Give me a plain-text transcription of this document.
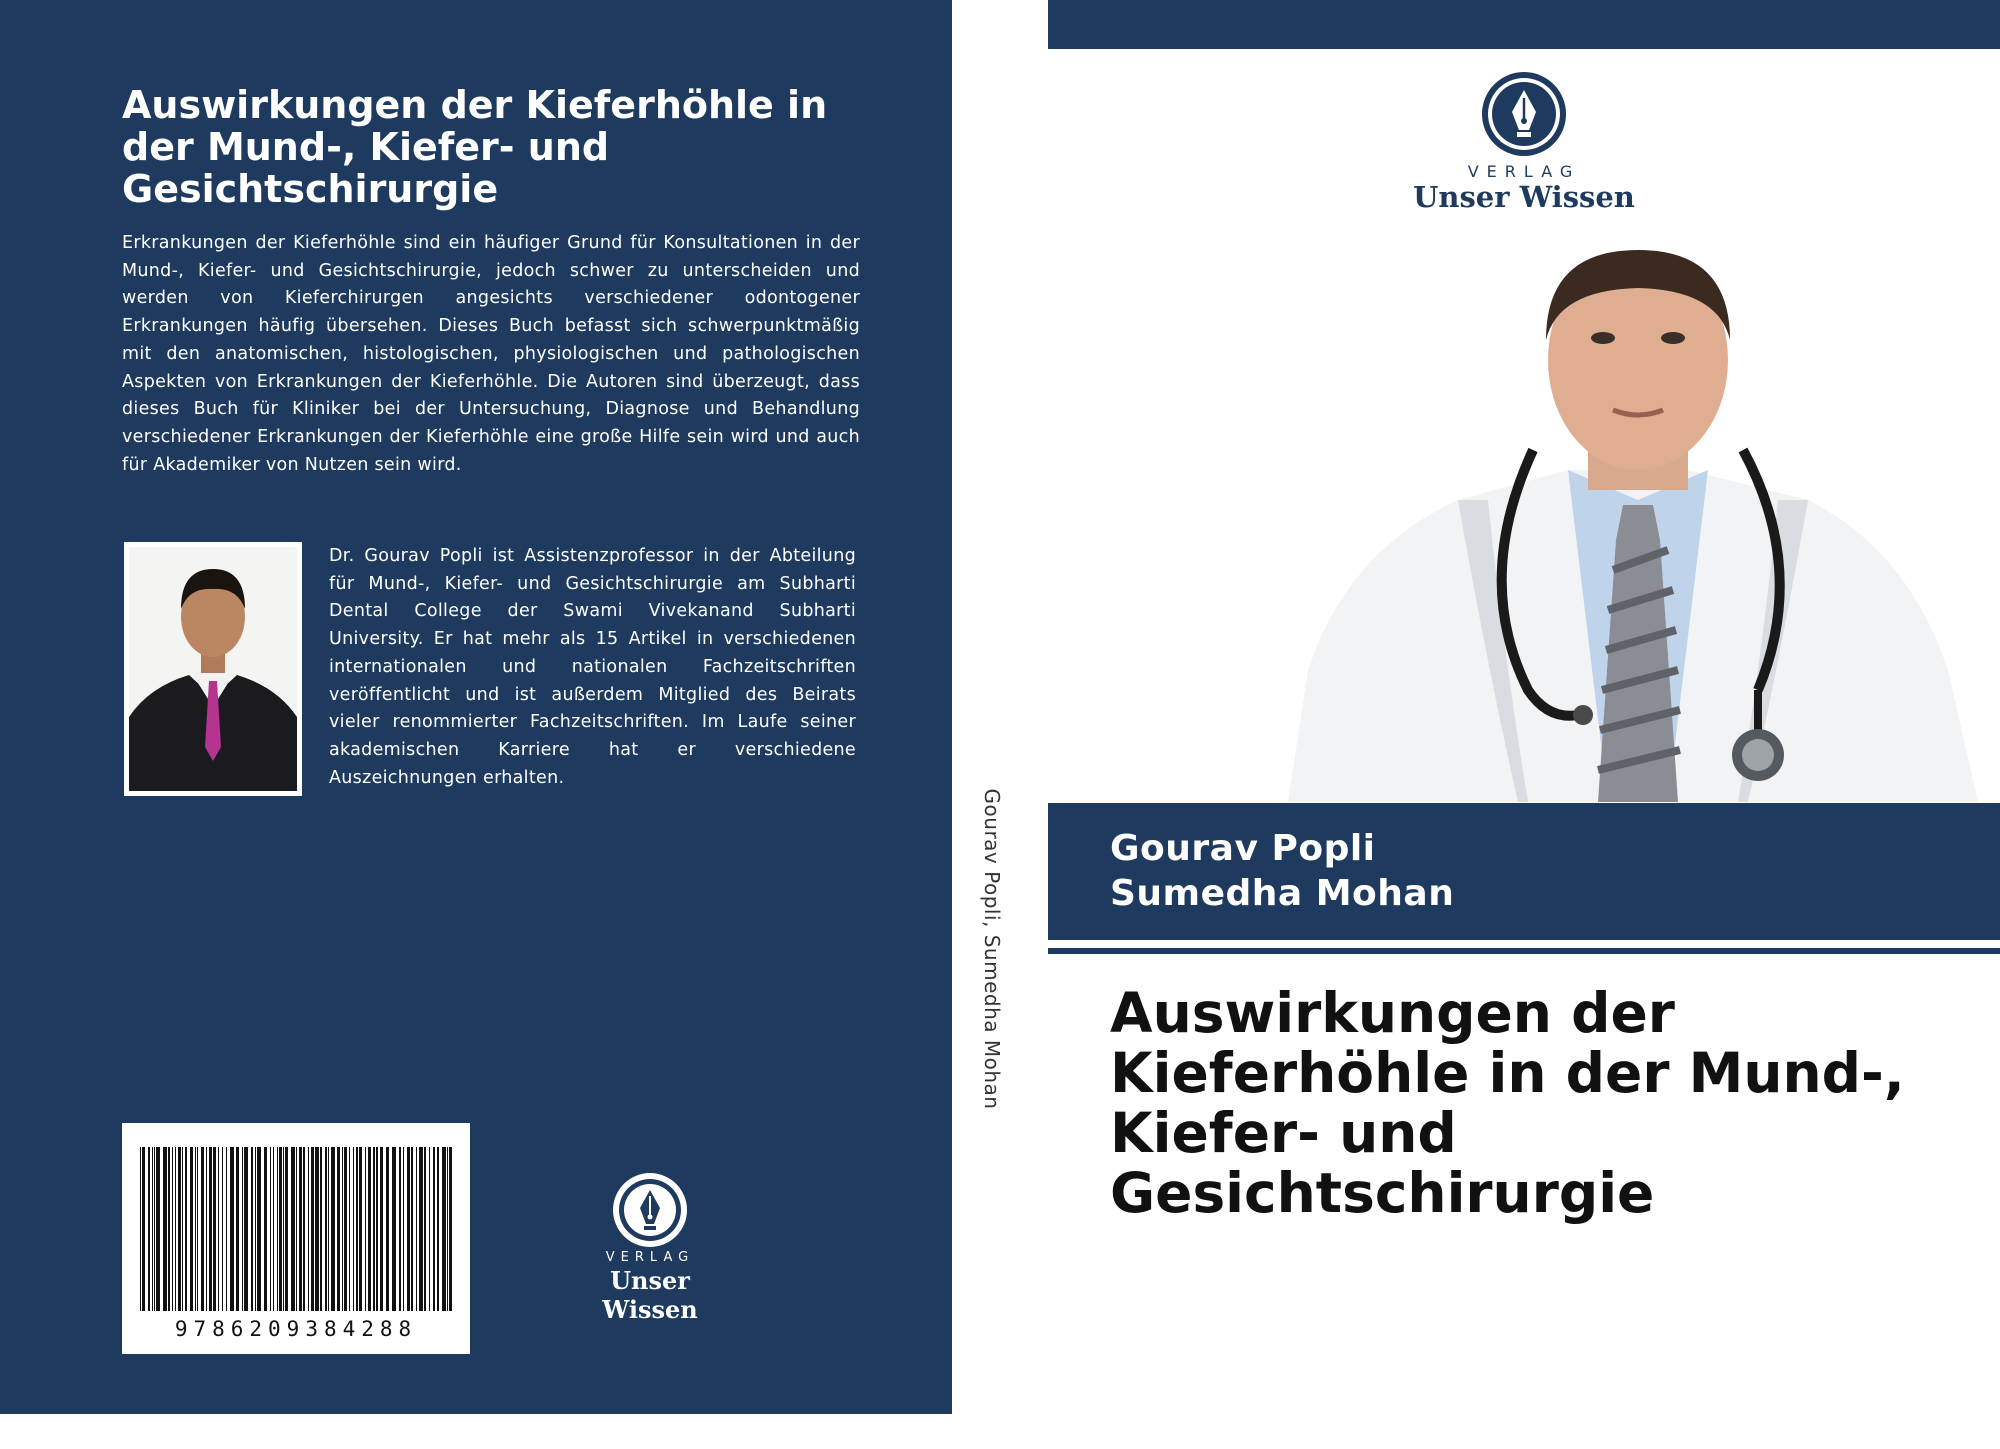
Auswirkungen der Kieferhöhle in der Mund-, Kiefer- und Gesichtschirurgie

Erkrankungen der Kieferhöhle sind ein häufiger Grund für Konsultationen in der Mund-, Kiefer- und Gesichtschirurgie, jedoch schwer zu unterscheiden und werden von Kieferchirurgen angesichts verschiedener odontogener Erkrankungen häufig übersehen. Dieses Buch befasst sich schwerpunktmäßig mit den anatomischen, histologischen, physiologischen und pathologischen Aspekten von Erkrankungen der Kieferhöhle. Die Autoren sind überzeugt, dass dieses Buch für Kliniker bei der Untersuchung, Diagnose und Behandlung verschiedener Erkrankungen der Kieferhöhle eine große Hilfe sein wird und auch für Akademiker von Nutzen sein wird.

Dr. Gourav Popli ist Assistenzprofessor in der Abteilung für Mund-, Kiefer- und Gesichtschirurgie am Subharti Dental College der Swami Vivekanand Subharti University. Er hat mehr als 15 Artikel in verschiedenen internationalen und nationalen Fachzeitschriften veröffentlicht und ist außerdem Mitglied des Beirats vieler renommierter Fachzeitschriften. Im Laufe seiner akademischen Karriere hat er verschiedene Auszeichnungen erhalten.

9786209384288
VERLAG
Unser Wissen
Gourav Popli, Sumedha Mohan
VERLAG
Unser Wissen
Gourav Popli
Sumedha Mohan
Auswirkungen der Kieferhöhle in der Mund-, Kiefer- und Gesichtschirurgie
